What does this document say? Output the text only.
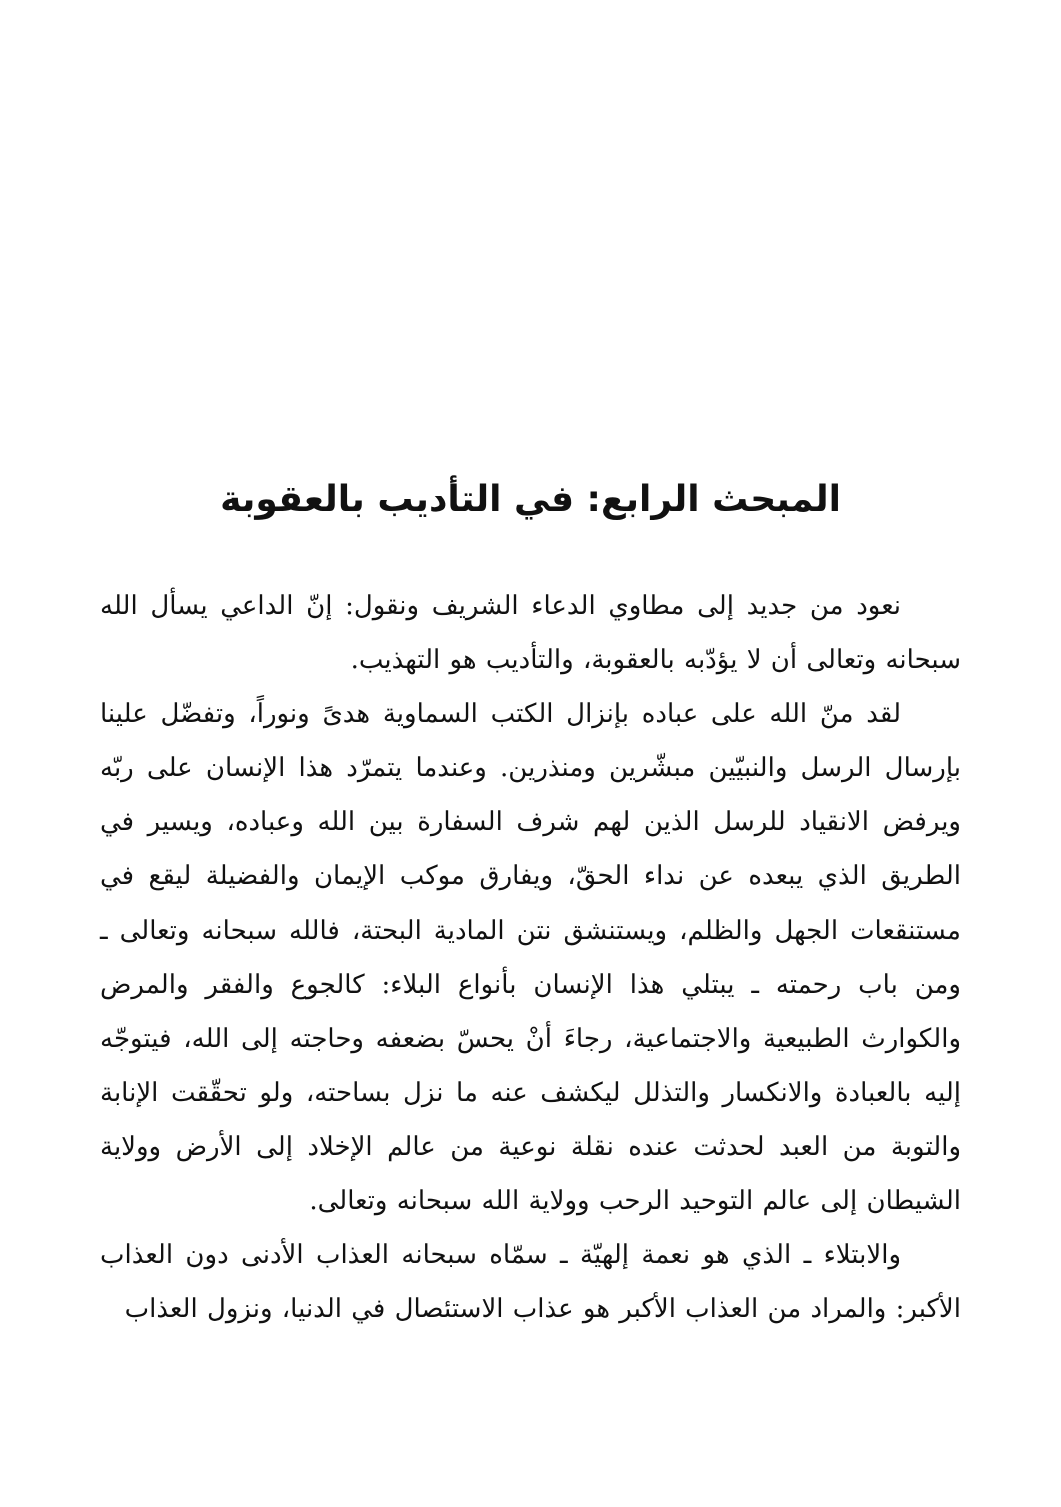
المبحث الرابع: في التأديب بالعقوبة

نعود من جديد إلى مطاوي الدعاء الشريف ونقول: إنّ الداعي يسأل الله سبحانه وتعالى أن لا يؤدّبه بالعقوبة، والتأديب هو التهذيب.

لقد منّ الله على عباده بإنزال الكتب السماوية هدىً ونوراً، وتفضّل علينا بإرسال الرسل والنبيّين مبشّرين ومنذرين. وعندما يتمرّد هذا الإنسان على ربّه ويرفض الانقياد للرسل الذين لهم شرف السفارة بين الله وعباده، ويسير في الطريق الذي يبعده عن نداء الحقّ، ويفارق موكب الإيمان والفضيلة ليقع في مستنقعات الجهل والظلم، ويستنشق نتن المادية البحتة، فالله سبحانه وتعالى ـ ومن باب رحمته ـ يبتلي هذا الإنسان بأنواع البلاء: كالجوع والفقر والمرض والكوارث الطبيعية والاجتماعية، رجاءَ أنْ يحسّ بضعفه وحاجته إلى الله، فيتوجّه إليه بالعبادة والانكسار والتذلل ليكشف عنه ما نزل بساحته، ولو تحقّقت الإنابة والتوبة من العبد لحدثت عنده نقلة نوعية من عالم الإخلاد إلى الأرض وولاية الشيطان إلى عالم التوحيد الرحب وولاية الله سبحانه وتعالى.

والابتلاء ـ الذي هو نعمة إلهيّة ـ سمّاه سبحانه العذاب الأدنى دون العذاب الأكبر: والمراد من العذاب الأكبر هو عذاب الاستئصال في الدنيا، ونزول العذاب
